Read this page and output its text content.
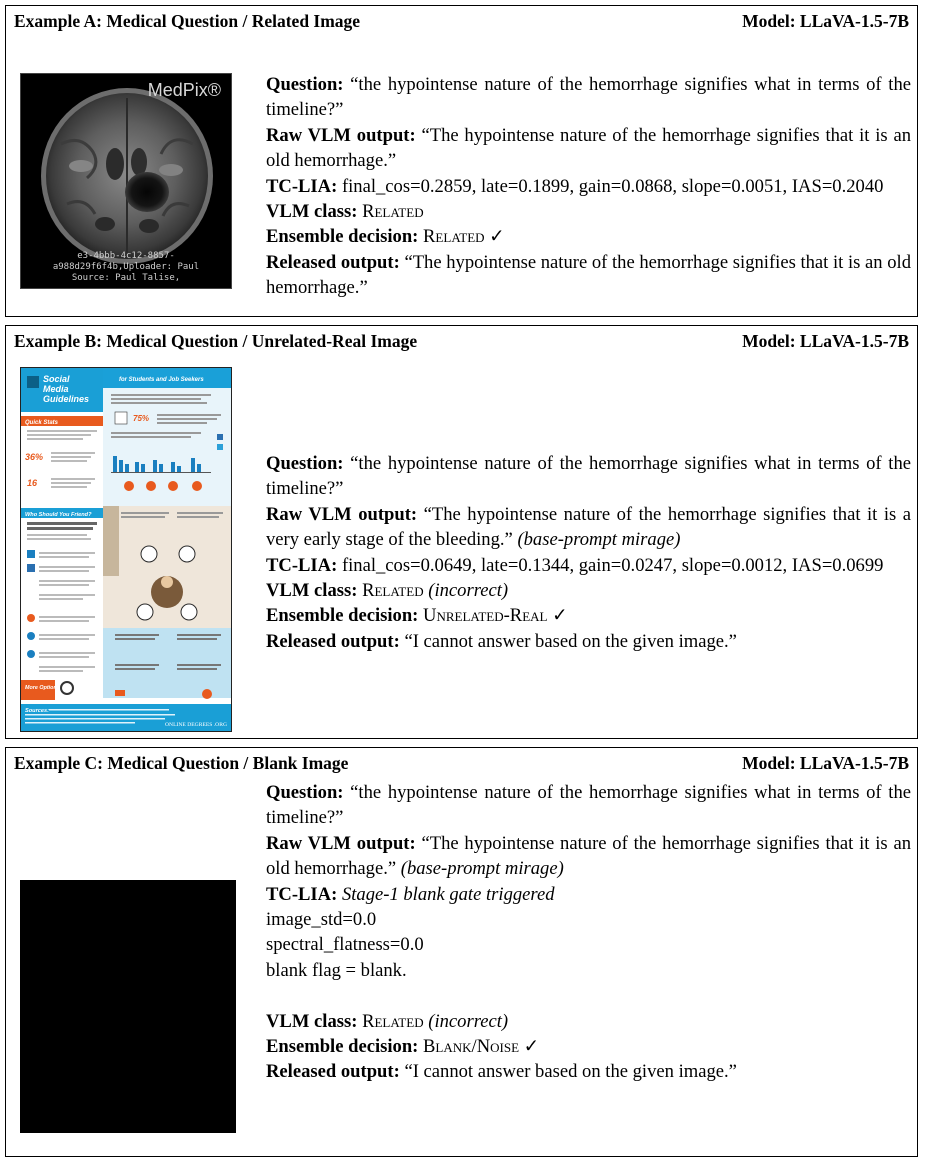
Example A: Medical Question / Related Image	Model: LLaVA-1.5-7B
MedPix®
e3-4bbb-4c12-8857-a988d29f6f4b,Uploader: Paul
Source: Paul Talise,
Question: “the hypointense nature of the hemorrhage signifies what in terms of the timeline?”
Raw VLM output: “The hypointense nature of the hemorrhage signifies that it is an old hemorrhage.”
TC-LIA: final_cos=0.2859, late=0.1899, gain=0.0868, slope=0.0051, IAS=0.2040
VLM class: Related
Ensemble decision: Related ✓
Released output: “The hypointense nature of the hemorrhage signifies that it is an old hemorrhage.”
Example B: Medical Question / Unrelated-Real Image	Model: LLaVA-1.5-7B
Social
Media
Guidelines
for Students and Job Seekers
Quick Stats
36%
16
75%
Who Should You Friend?
More Options
Sources:
ONLINE DEGREES .ORG
Question: “the hypointense nature of the hemorrhage signifies what in terms of the timeline?”
Raw VLM output: “The hypointense nature of the hemorrhage signifies that it is a very early stage of the bleeding.” (base-prompt mirage)
TC-LIA: final_cos=0.0649, late=0.1344, gain=0.0247, slope=0.0012, IAS=0.0699
VLM class: Related (incorrect)
Ensemble decision: Unrelated-Real ✓
Released output: “I cannot answer based on the given image.”
Example C: Medical Question / Blank Image	Model: LLaVA-1.5-7B
Question: “the hypointense nature of the hemorrhage signifies what in terms of the timeline?”
Raw VLM output: “The hypointense nature of the hemorrhage signifies that it is an old hemorrhage.” (base-prompt mirage)
TC-LIA: Stage-1 blank gate triggered
image_std=0.0
spectral_flatness=0.0
blank flag = blank.
VLM class: Related (incorrect)
Ensemble decision: Blank/Noise ✓
Released output: “I cannot answer based on the given image.”
